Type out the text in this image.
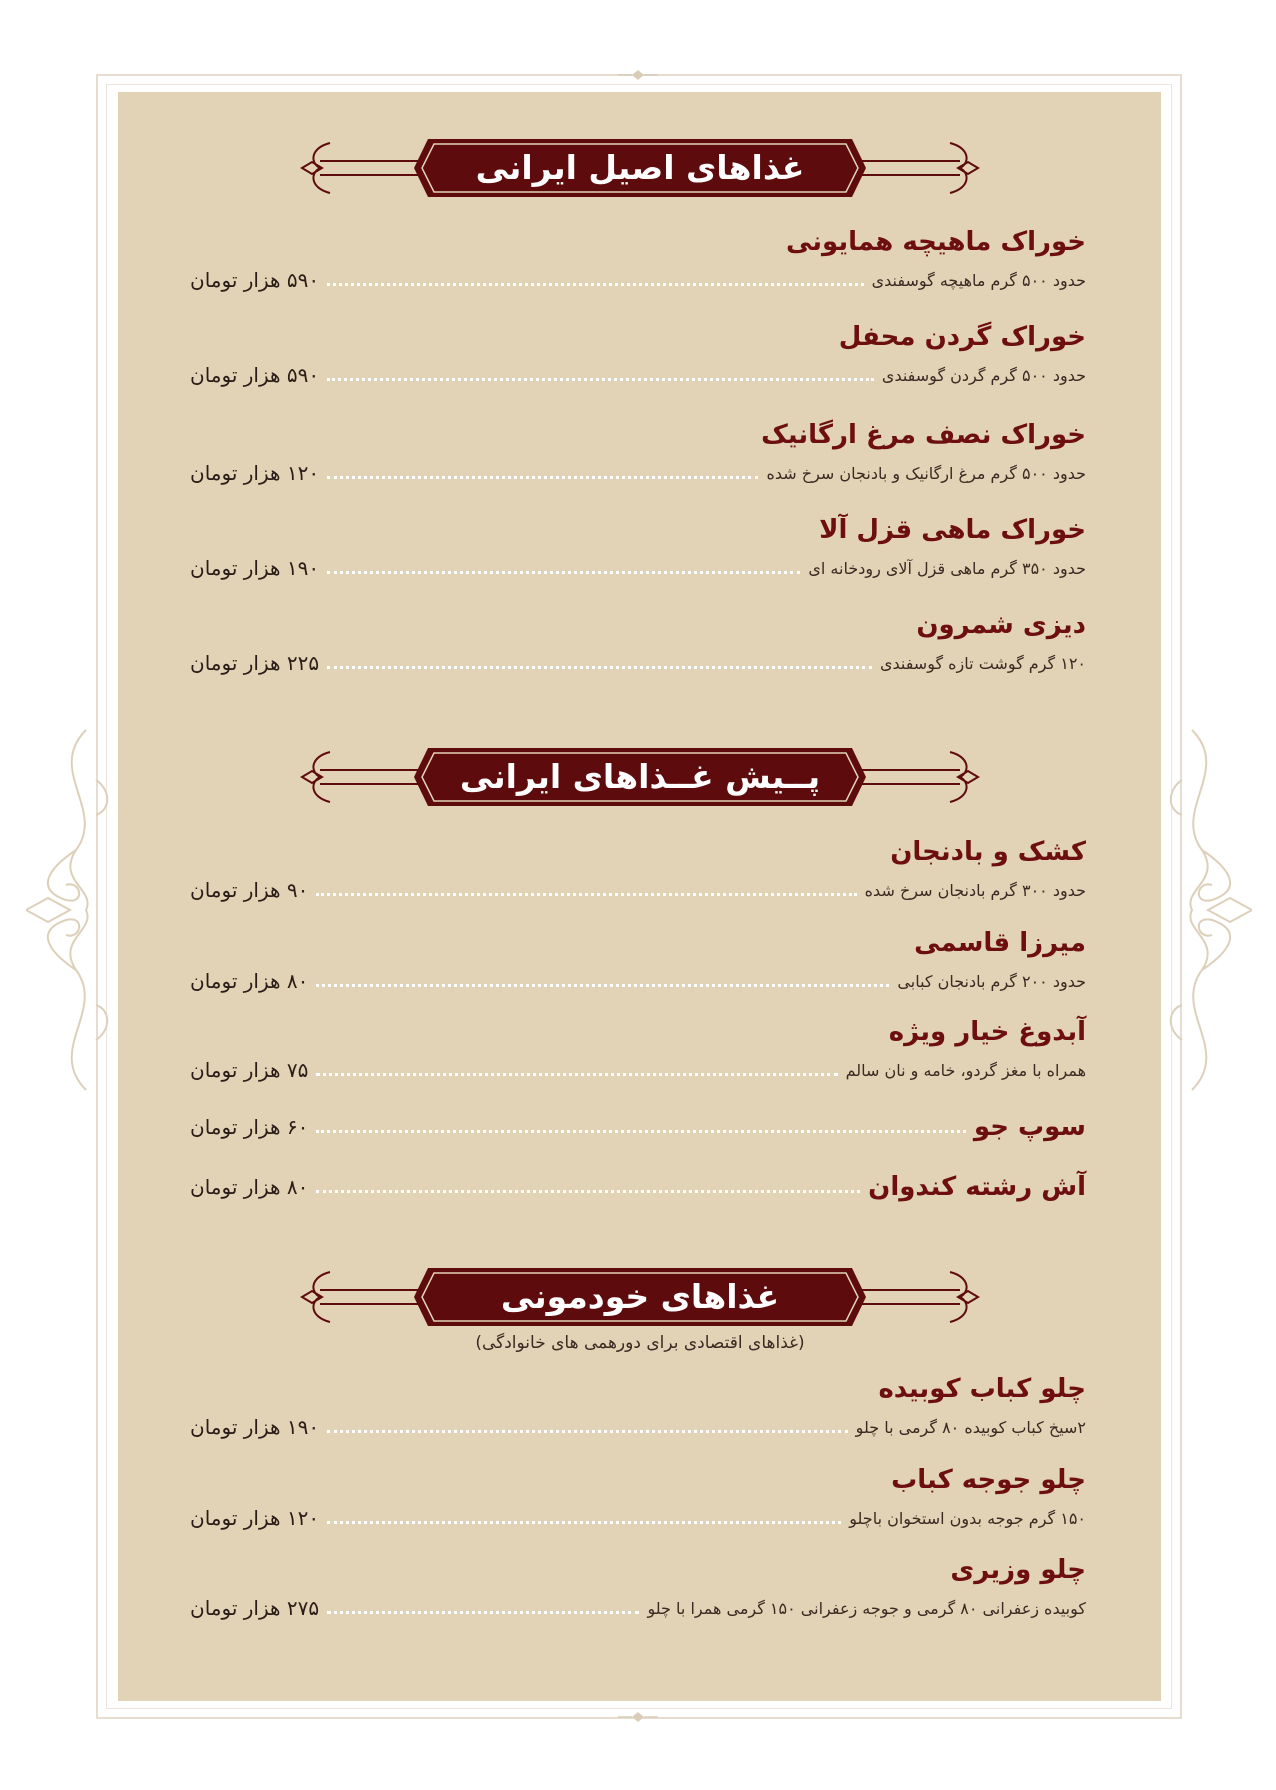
غذاهای اصیل ایرانی
پــیش غــذاهای ایرانی
غذاهای خودمونی
(غذاهای اقتصادی برای دورهمی های خانوادگی)
خوراک ماهیچه همایونی
حدود ۵۰۰ گرم ماهیچه گوسفندی
۵۹۰ هزار تومان
خوراک گردن محفل
حدود ۵۰۰ گرم گردن گوسفندی
۵۹۰ هزار تومان
خوراک نصف مرغ ارگانیک
حدود ۵۰۰ گرم مرغ ارگانیک و بادنجان سرخ شده
۱۲۰ هزار تومان
خوراک ماهی قزل آلا
حدود ۳۵۰ گرم ماهی قزل آلای رودخانه ای
۱۹۰ هزار تومان
دیزی شمرون
۱۲۰ گرم گوشت تازه گوسفندی
۲۲۵ هزار تومان
کشک و بادنجان
حدود ۳۰۰ گرم بادنجان سرخ شده
۹۰ هزار تومان
میرزا قاسمی
حدود ۲۰۰ گرم بادنجان کبابی
۸۰ هزار تومان
آبدوغ خیار ویژه
همراه با مغز گردو، خامه و نان سالم
۷۵ هزار تومان
سوپ جو
۶۰ هزار تومان
آش رشته کندوان
۸۰ هزار تومان
چلو کباب کوبیده
۲سیخ کباب کوبیده ۸۰ گرمی با چلو
۱۹۰ هزار تومان
چلو جوجه کباب
۱۵۰ گرم جوجه بدون استخوان باچلو
۱۲۰ هزار تومان
چلو وزیری
کوبیده زعفرانی ۸۰ گرمی و جوجه زعفرانی ۱۵۰ گرمی همرا با چلو
۲۷۵ هزار تومان
